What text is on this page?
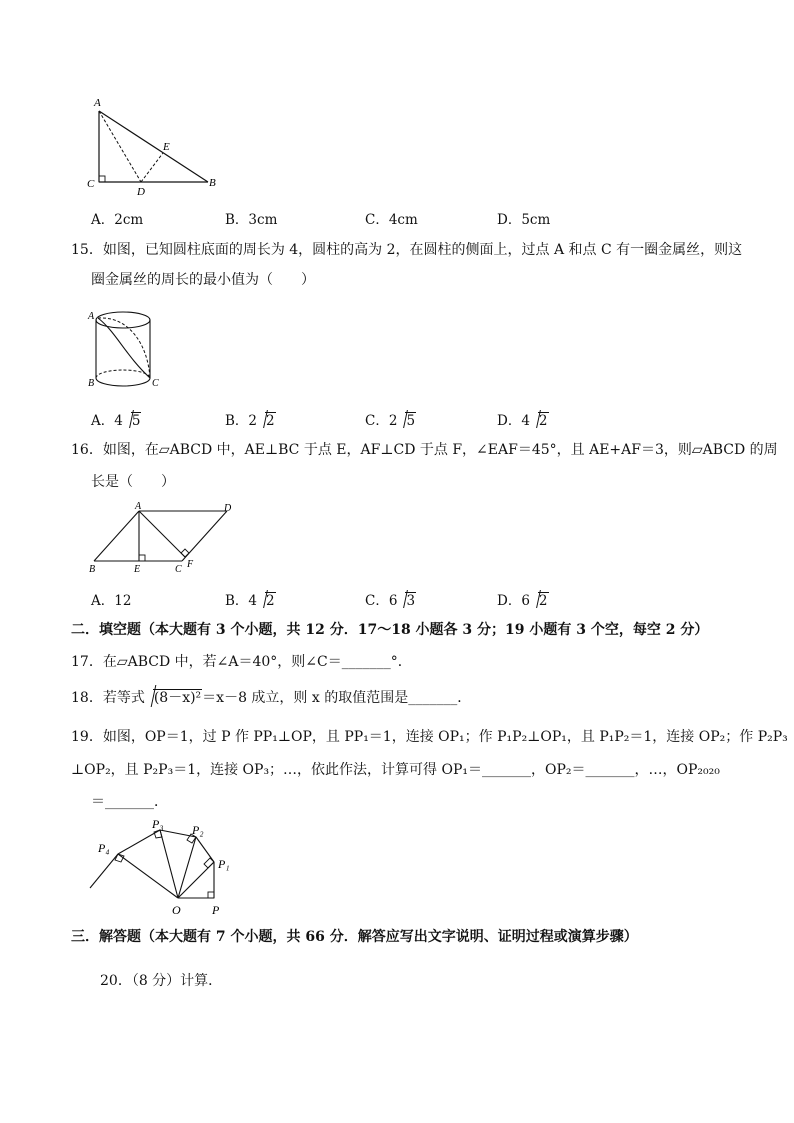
A
C
D
E
B
A．2cm	B．3cm	C．4cm	D．5cm
15．如图，已知圆柱底面的周长为 4，圆柱的高为 2，在圆柱的侧面上，过点 A 和点 C 有一圈金属丝，则这
圈金属丝的周长的最小值为（　　）
A
B	C
A．4 5	B．2 2	C．2 5	D．4 2
16．如图，在▱ABCD 中，AE⊥BC 于点 E，AF⊥CD 于点 F，∠EAF＝45°，且 AE+AF＝3，则▱ABCD 的周
长是（　　）
A	D
B	E	C F
A．12	B．4 2	C．6 3	D．6 2
二．填空题（本大题有 3 个小题，共 12 分．17～18 小题各 3 分；19 小题有 3 个空，每空 2 分）
17．在▱ABCD 中，若∠A＝40°，则∠C＝_______°．
18．若等式 (8－x)²＝x－8 成立，则 x 的取值范围是_______．
19．如图，OP＝1，过 P 作 PP₁⊥OP，且 PP₁＝1，连接 OP₁；作 P₁P₂⊥OP₁，且 P₁P₂＝1，连接 OP₂；作 P₂P₃
⊥OP₂，且 P₂P₃＝1，连接 OP₃；…，依此作法，计算可得 OP₁＝_______，OP₂＝_______，…，OP₂₀₂₀
＝_______．
P₄
P₃ P₂
P₁
O	P
三．解答题（本大题有 7 个小题，共 66 分．解答应写出文字说明、证明过程或演算步骤）
20．（8 分）计算．
